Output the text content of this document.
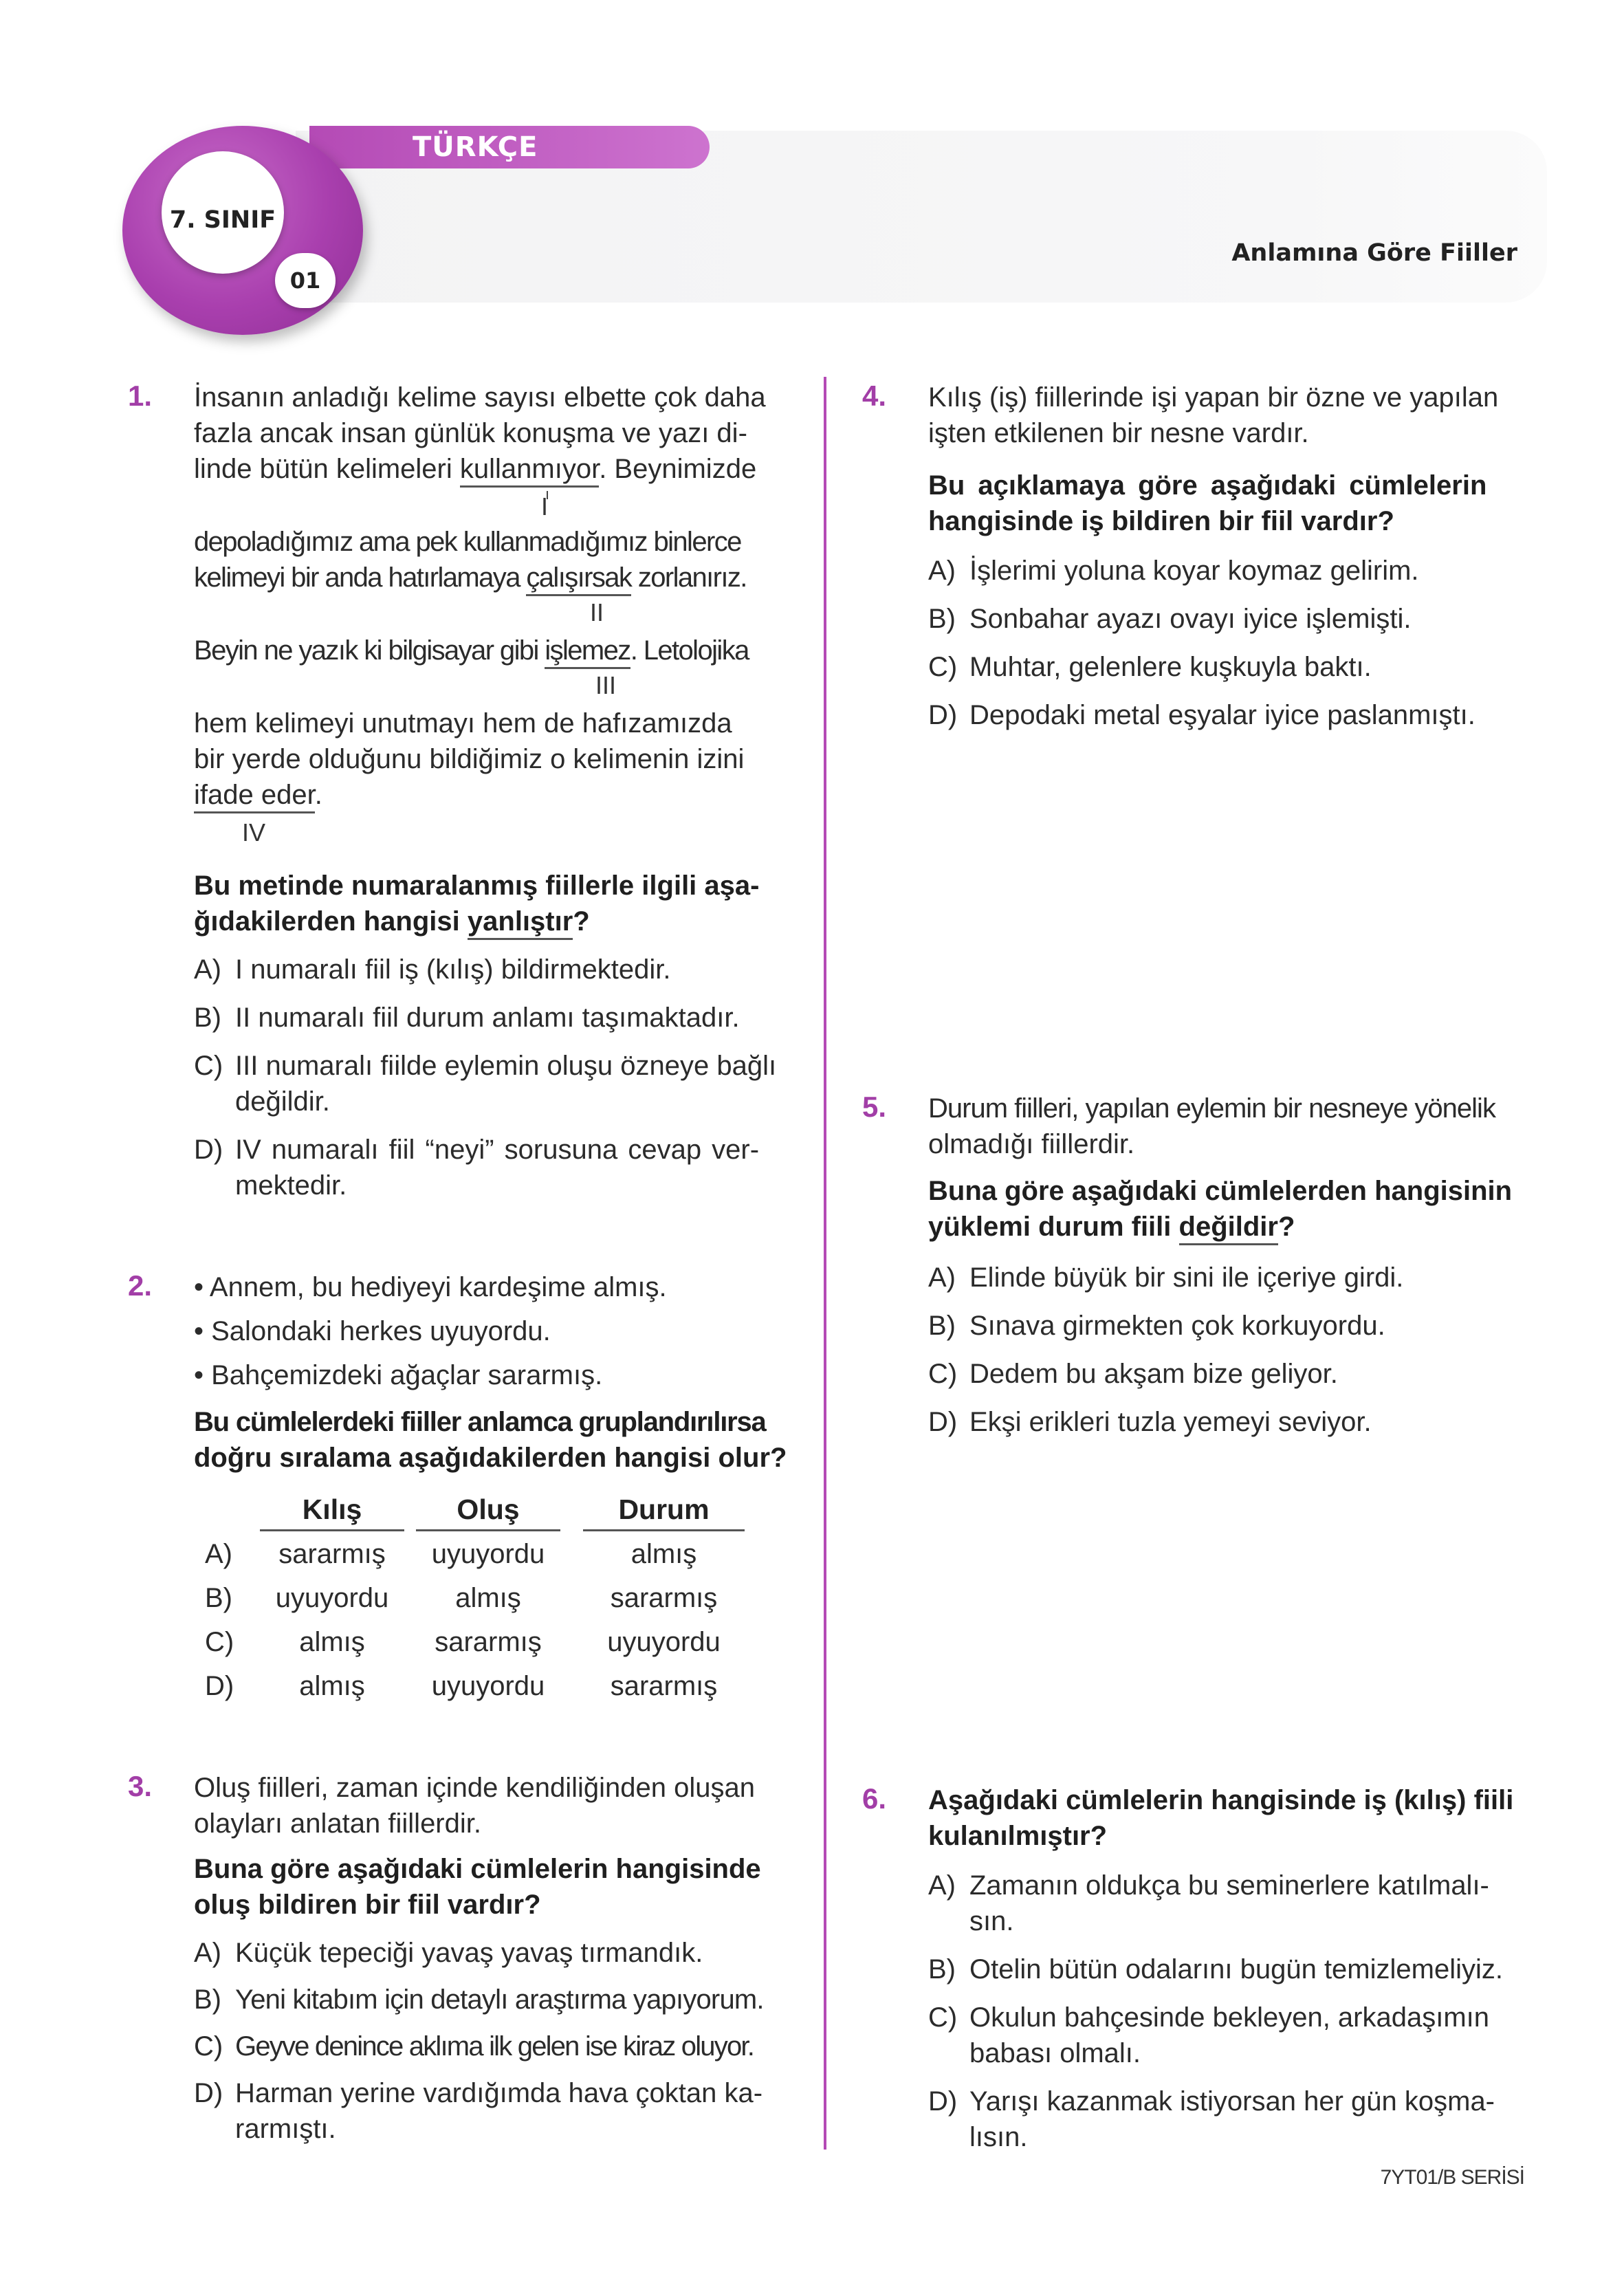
TÜRKÇE
7. SINIF
01
Anlamına Göre Fiiller
1. İnsanın anladığı kelime sayısı elbette çok daha
fazla ancak insan günlük konuşma ve yazı di-
linde bütün kelimeleri kullanmıyor. Beynimizde
I
depoladığımız ama pek kullanmadığımız binlerce
kelimeyi bir anda hatırlamaya çalışırsak zorlanırız.
II
Beyin ne yazık ki bilgisayar gibi işlemez. Letolojika
III
hem kelimeyi unutmayı hem de hafızamızda
bir yerde olduğunu bildiğimiz o kelimenin izini
ifade eder.
IV
Bu metinde numaralanmış fiillerle ilgili aşa-
ğıdakilerden hangisi yanlıştır?
A) I numaralı fiil iş (kılış) bildirmektedir.
B) II numaralı fiil durum anlamı taşımaktadır.
C) III numaralı fiilde eylemin oluşu özneye bağlı
değildir.
D) IV numaralı fiil “neyi” sorusuna cevap ver-
mektedir.
2. • Annem, bu hediyeyi kardeşime almış.
• Salondaki herkes uyuyordu.
• Bahçemizdeki ağaçlar sararmış.
Bu cümlelerdeki fiiller anlamca gruplandırılırsa
doğru sıralama aşağıdakilerden hangisi olur?
Kılış	Oluş	Durum
A)	sararmış	uyuyordu	almış
B)	uyuyordu	almış	sararmış
C)	almış	sararmış	uyuyordu
D)	almış	uyuyordu	sararmış
3. Oluş fiilleri, zaman içinde kendiliğinden oluşan
olayları anlatan fiillerdir.
Buna göre aşağıdaki cümlelerin hangisinde
oluş bildiren bir fiil vardır?
A) Küçük tepeciği yavaş yavaş tırmandık.
B) Yeni kitabım için detaylı araştırma yapıyorum.
C) Geyve denince aklıma ilk gelen ise kiraz oluyor.
D) Harman yerine vardığımda hava çoktan ka-
rarmıştı.
4. Kılış (iş) fiillerinde işi yapan bir özne ve yapılan
işten etkilenen bir nesne vardır.
Bu açıklamaya göre aşağıdaki cümlelerin
hangisinde iş bildiren bir fiil vardır?
A) İşlerimi yoluna koyar koymaz gelirim.
B) Sonbahar ayazı ovayı iyice işlemişti.
C) Muhtar, gelenlere kuşkuyla baktı.
D) Depodaki metal eşyalar iyice paslanmıştı.
5. Durum fiilleri, yapılan eylemin bir nesneye yönelik
olmadığı fiillerdir.
Buna göre aşağıdaki cümlelerden hangisinin
yüklemi durum fiili değildir?
A) Elinde büyük bir sini ile içeriye girdi.
B) Sınava girmekten çok korkuyordu.
C) Dedem bu akşam bize geliyor.
D) Ekşi erikleri tuzla yemeyi seviyor.
6. Aşağıdaki cümlelerin hangisinde iş (kılış) fiili
kulanılmıştır?
A) Zamanın oldukça bu seminerlere katılmalı-
sın.
B) Otelin bütün odalarını bugün temizlemeliyiz.
C) Okulun bahçesinde bekleyen, arkadaşımın
babası olmalı.
D) Yarışı kazanmak istiyorsan her gün koşma-
lısın.
7YT01/B SERİSİ
